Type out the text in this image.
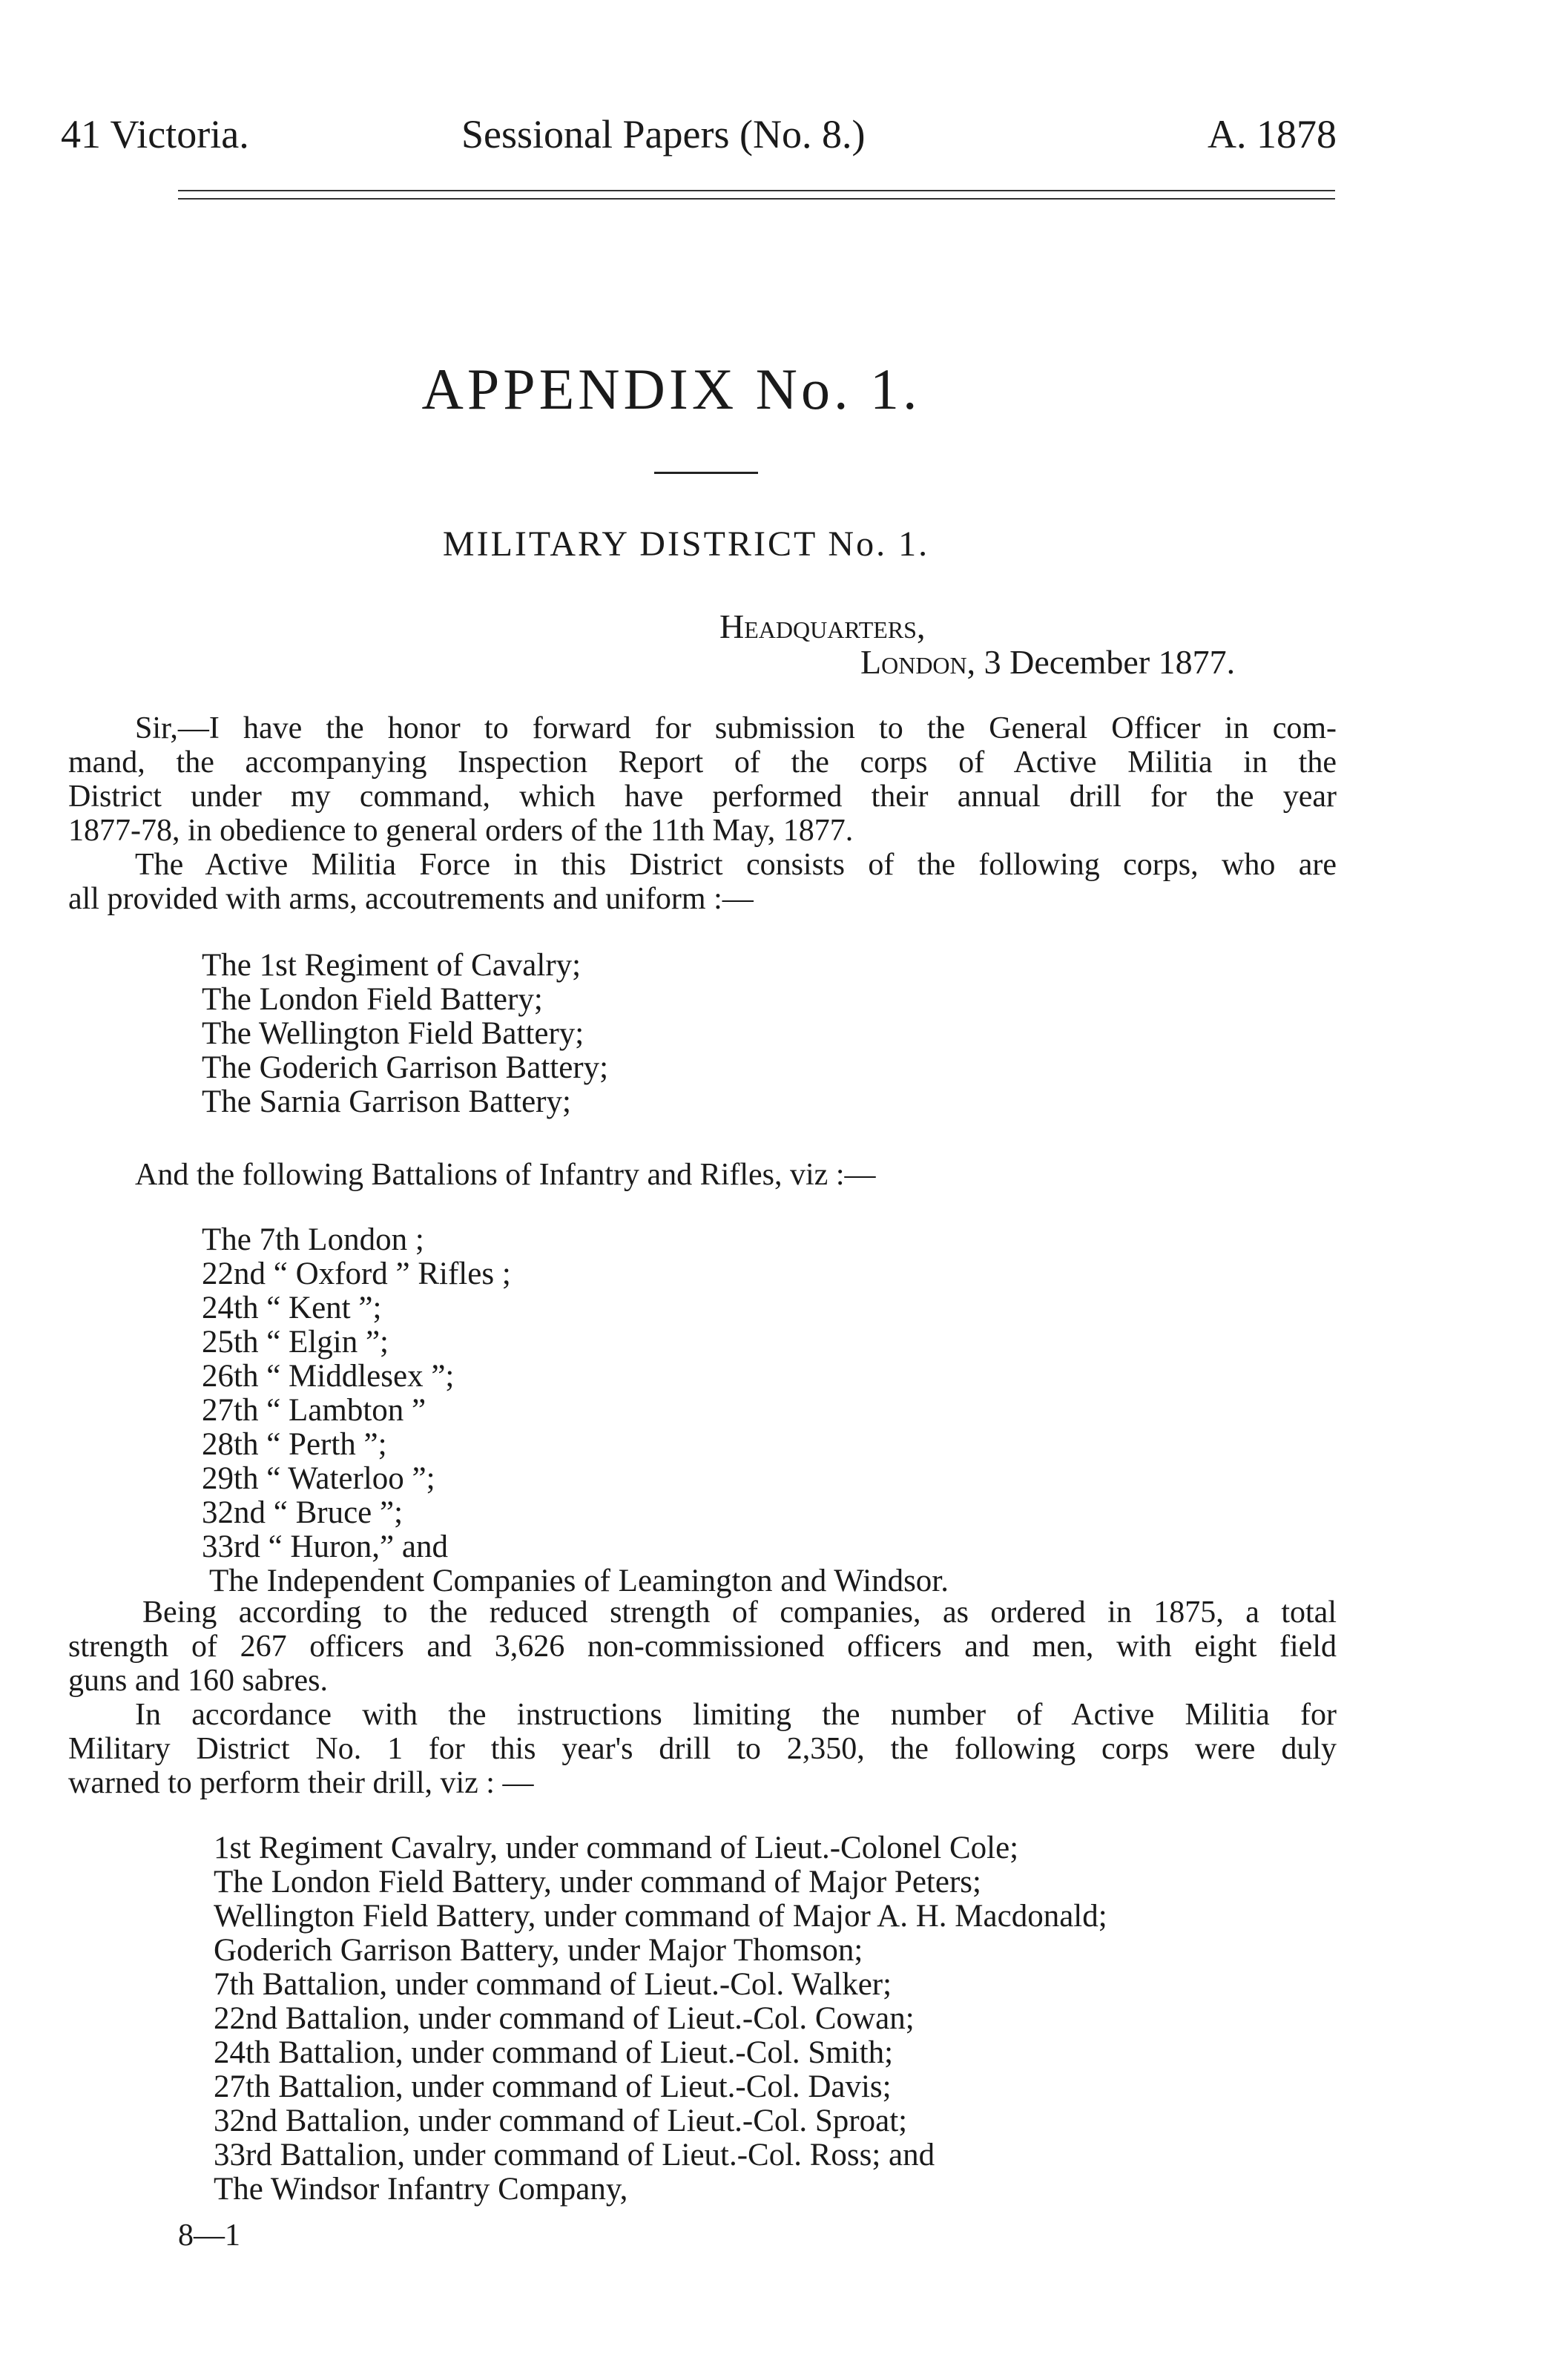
41 Victoria.	Sessional Papers (No. 8.)	A. 1878
APPENDIX No. 1.
MILITARY DISTRICT No. 1.
Headquarters,
London, 3 December 1877.
Sir,—I have the honor to forward for submission to the General Officer in com-
mand, the accompanying Inspection Report of the corps of Active Militia in the
District under my command, which have performed their annual drill for the year
1877-78, in obedience to general orders of the 11th May, 1877.
The Active Militia Force in this District consists of the following corps, who are
all provided with arms, accoutrements and uniform :—
The 1st Regiment of Cavalry;
The London Field Battery;
The Wellington Field Battery;
The Goderich Garrison Battery;
The Sarnia Garrison Battery;
And the following Battalions of Infantry and Rifles, viz :—
The 7th London ;
22nd “ Oxford ” Rifles ;
24th “ Kent ”;
25th “ Elgin ”;
26th “ Middlesex ”;
27th “ Lambton ”
28th “ Perth ”;
29th “ Waterloo ”;
32nd “ Bruce ”;
33rd “ Huron,” and
The Independent Companies of Leamington and Windsor.
Being according to the reduced strength of companies, as ordered in 1875, a total
strength of 267 officers and 3,626 non-commissioned officers and men, with eight field
guns and 160 sabres.
In accordance with the instructions limiting the number of Active Militia for
Military District No. 1 for this year's drill to 2,350, the following corps were duly
warned to perform their drill, viz : —
1st Regiment Cavalry, under command of Lieut.-Colonel Cole;
The London Field Battery, under command of Major Peters;
Wellington Field Battery, under command of Major A. H. Macdonald;
Goderich Garrison Battery, under Major Thomson;
7th Battalion, under command of Lieut.-Col. Walker;
22nd Battalion, under command of Lieut.-Col. Cowan;
24th Battalion, under command of Lieut.-Col. Smith;
27th Battalion, under command of Lieut.-Col. Davis;
32nd Battalion, under command of Lieut.-Col. Sproat;
33rd Battalion, under command of Lieut.-Col. Ross; and
The Windsor Infantry Company,
8—1
